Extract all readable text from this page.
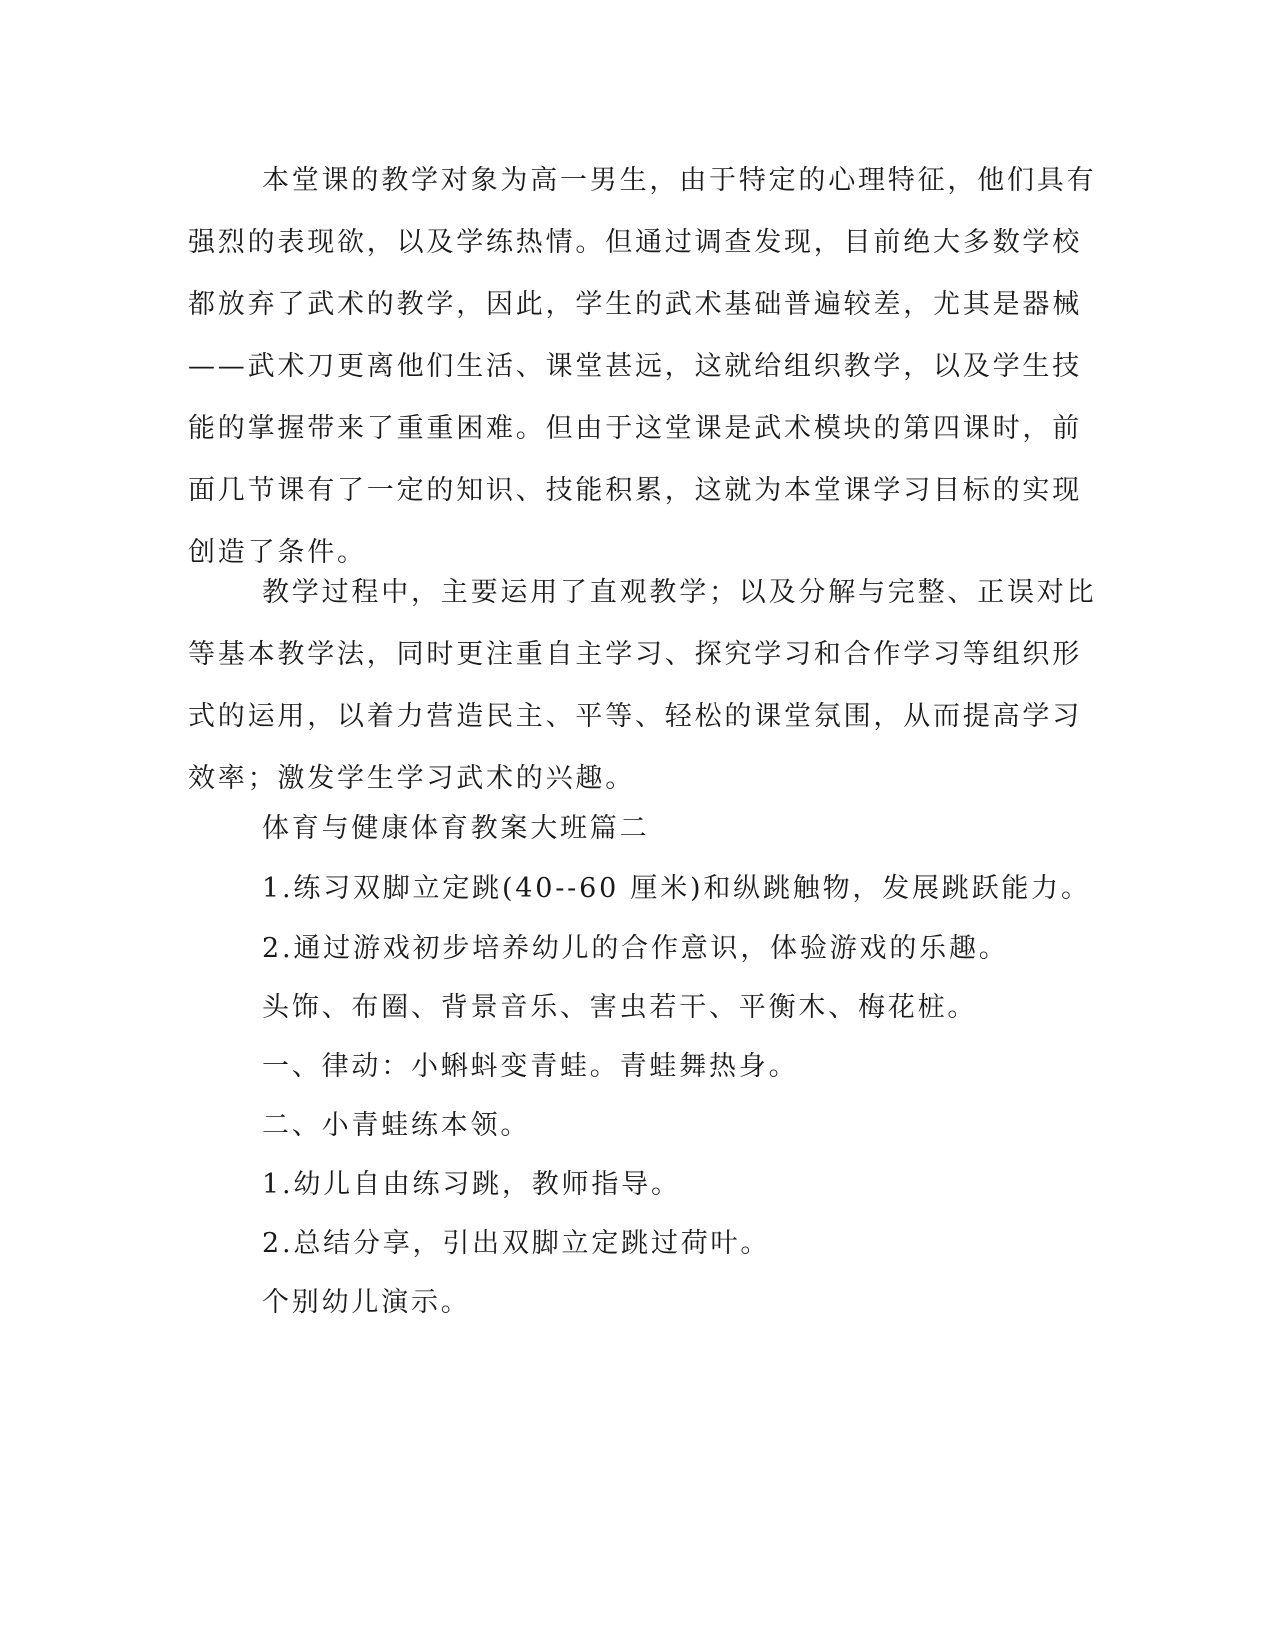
本堂课的教学对象为高一男生，由于特定的心理特征，他们具有
强烈的表现欲，以及学练热情。但通过调查发现，目前绝大多数学校
都放弃了武术的教学，因此，学生的武术基础普遍较差，尤其是器械
——武术刀更离他们生活、课堂甚远，这就给组织教学，以及学生技
能的掌握带来了重重困难。但由于这堂课是武术模块的第四课时，前
面几节课有了一定的知识、技能积累，这就为本堂课学习目标的实现
创造了条件。
教学过程中，主要运用了直观教学；以及分解与完整、正误对比
等基本教学法，同时更注重自主学习、探究学习和合作学习等组织形
式的运用，以着力营造民主、平等、轻松的课堂氛围，从而提高学习
效率；激发学生学习武术的兴趣。
体育与健康体育教案大班篇二
1.练习双脚立定跳(40--60 厘米)和纵跳触物，发展跳跃能力。
2.通过游戏初步培养幼儿的合作意识，体验游戏的乐趣。
头饰、布圈、背景音乐、害虫若干、平衡木、梅花桩。
一、律动：小蝌蚪变青蛙。青蛙舞热身。
二、小青蛙练本领。
1.幼儿自由练习跳，教师指导。
2.总结分享，引出双脚立定跳过荷叶。
个别幼儿演示。
